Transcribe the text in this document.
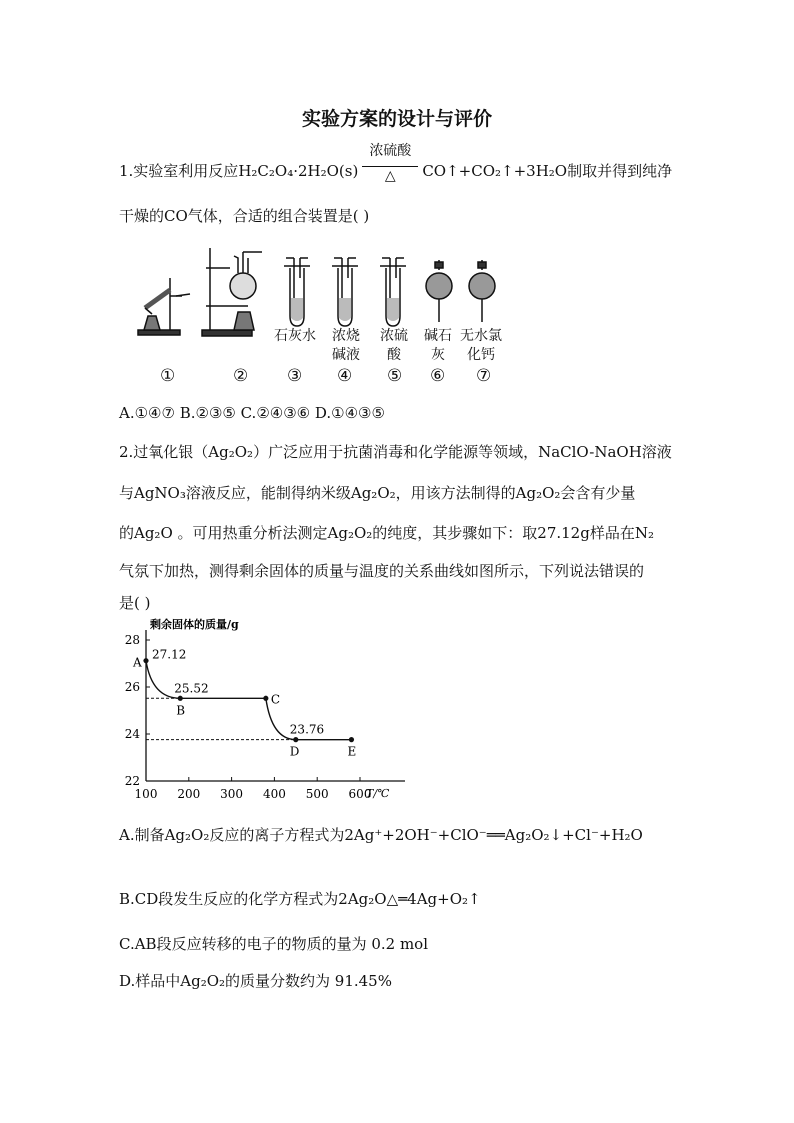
实验方案的设计与评价
1.实验室利用反应$H_2C_2O_4\cdot 2H_2O(s) \frac{\text{浓硫酸}}{\triangle}$ CO↑+CO₂↑+3H₂O制取并得到纯净
干燥的CO气体，合适的组合装置是( )
石灰水 浓烧碱液
浓硫酸
碱石灰
无水氯化钙
①	② ③ ④ ⑤ ⑥ ⑦
A.①④⑦ B.②③⑤ C.②④③⑥ D.①④③⑤
2.过氧化银（Ag₂O₂）广泛应用于抗菌消毒和化学能源等领域，NaClO-NaOH溶液
与AgNO₃溶液反应，能制得纳米级Ag₂O₂，用该方法制得的Ag₂O₂会含有少量
的Ag₂O 。可用热重分析法测定Ag₂O₂的纯度，其步骤如下：取27.12g样品在N₂
气氛下加热，测得剩余固体的质量与温度的关系曲线如图所示，下列说法错误的
是( )
剩余固体的质量/g
T/℃
22
24
26
28
100 200 300 400 500 600
A
27.12
B
25.52
C
D
23.76
E
A.制备Ag₂O₂反应的离子方程式为2Ag⁺+2OH⁻+ClO⁻══Ag₂O₂↓+Cl⁻+H₂O
B.CD段发生反应的化学方程式为2Ag₂O△═4Ag+O₂↑
C.AB段反应转移的电子的物质的量为 0.2 mol
D.样品中Ag₂O₂的质量分数约为 91.45%
